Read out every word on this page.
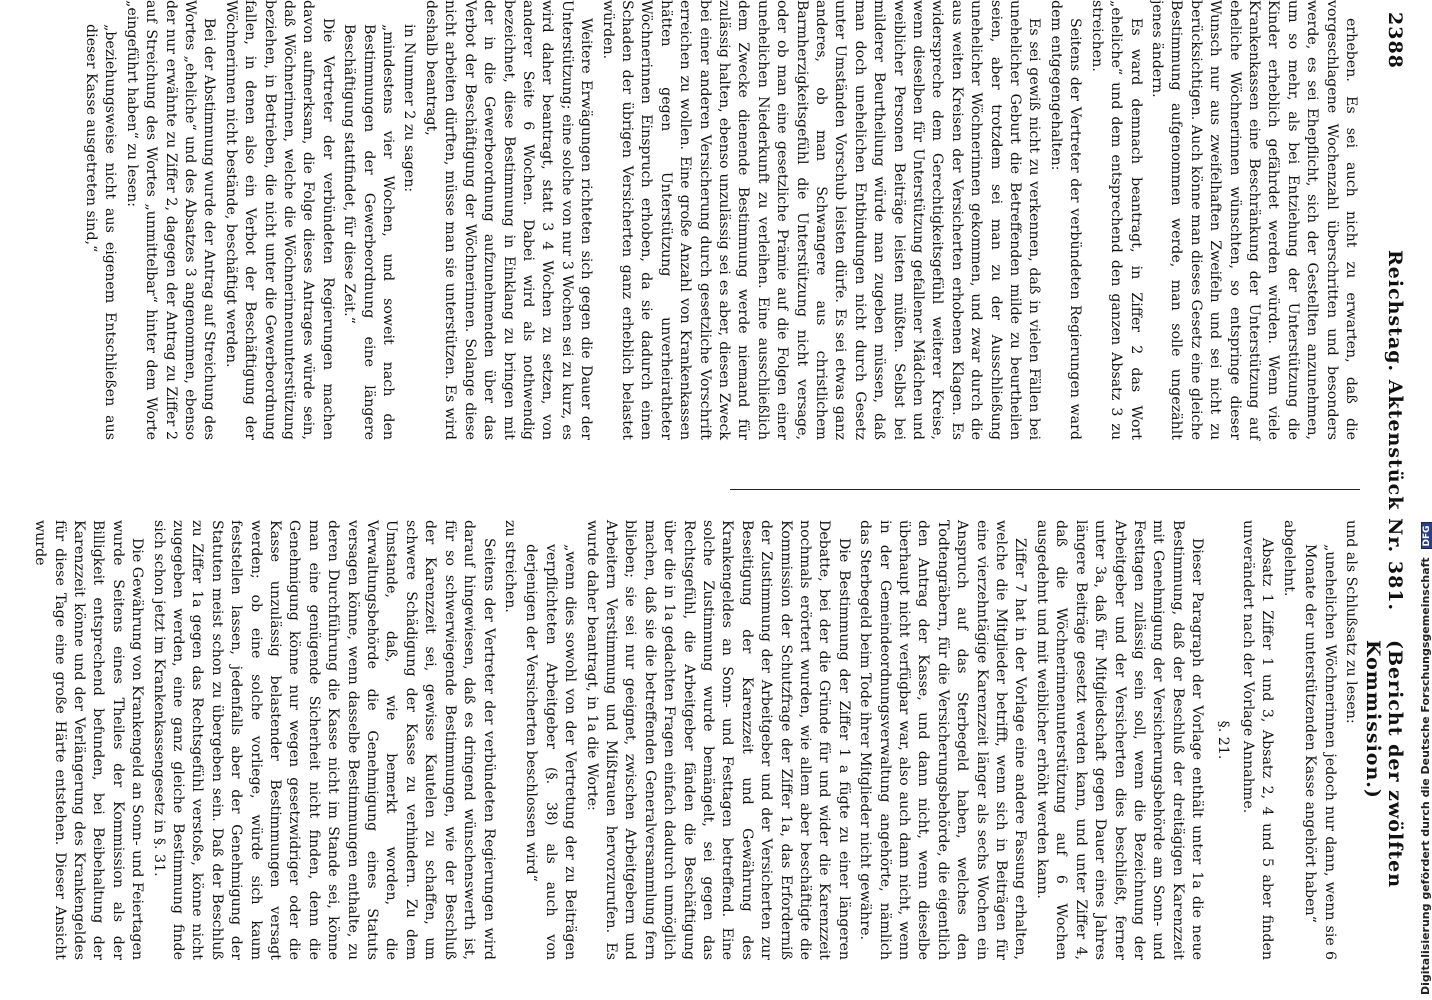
2388
Reichstag. Aktenstück Nr. 381.
(Bericht der zwölften Kommission.)

erheben. Es sei auch nicht zu erwarten, daß die vorgeschlagene Wochenzahl überschritten und besonders werde, es sei Ehepflicht, sich der Gestellten anzunehmen, um so mehr, als bei Entziehung der Unterstützung die Kinder erheblich gefährdet werden würden. Wenn viele Krankenkassen eine Beschränkung der Unterstützung auf eheliche Wöchnerinnen wünschten, so entspringe dieser Wunsch nur aus zweifelhaften Zweifeln und sei nicht zu berücksichtigen. Auch könne man dieses Gesetz eine gleiche Bestimmung aufgenommen werde, man solle ungezählt jenes ändern.

Es ward demnach beantragt, in Ziffer 2 das Wort „eheliche“ und dem entsprechend den ganzen Absatz 3 zu streichen.

Seitens der Vertreter der verbündeten Regierungen ward dem entgegengehalten:

Es sei gewiß nicht zu verkennen, daß in vielen Fällen bei unehelicher Geburt die Betreffenden milde zu beurtheilen seien, aber trotzdem sei man zu der Ausschließung unehelicher Wöchnerinnen gekommen, und zwar durch die aus weiten Kreisen der Versicherten erhobenen Klagen. Es widerspreche dem Gerechtigkeitsgefühl weiterer Kreise, wenn dieselben für Unterstützung gefallener Mädchen und weiblicher Personen Beiträge leisten müßten. Selbst bei milderer Beurtheilung würde man zugeben müssen, daß man doch unehelichen Entbindungen nicht durch Gesetz unter Umständen Vorschub leisten dürfe. Es sei etwas ganz anderes, ob man Schwangere aus christlichem Barmherzigkeitsgefühl die Unterstützung nicht versage, oder ob man eine gesetzliche Prämie auf die Folgen einer unehelichen Niederkunft zu verleihen. Eine ausschließlich dem Zwecke dienende Bestimmung werde niemand für zulässig halten, ebenso unzulässig sei es aber, diesen Zweck bei einer anderen Versicherung durch gesetzliche Vorschrift erreichen zu wollen. Eine große Anzahl von Krankenkassen hätten gegen Unterstützung unverheiratheter Wöchnerinnen Einspruch erhoben, da sie dadurch einen Schaden der übrigen Versicherten ganz erheblich belastet würden.

Weitere Erwägungen richteten sich gegen die Dauer der Unterstützung; eine solche von nur 3 Wochen sei zu kurz, es wird daher beantragt, statt 3 4 Wochen zu setzen, von anderer Seite 6 Wochen. Dabei wird als nothwendig bezeichnet, diese Bestimmung in Einklang zu bringen mit der in die Gewerbeordnung aufzunehmenden über das Verbot der Beschäftigung der Wöchnerinnen. Solange diese nicht arbeiten dürften, müsse man sie unterstützen. Es wird deshalb beantragt,

in Nummer 2 zu sagen:

„mindestens vier Wochen, und soweit nach den Bestimmungen der Gewerbeordnung eine längere Beschäftigung stattfindet, für diese Zeit.“

Die Vertreter der verbündeten Regierungen machen davon aufmerksam, die Folge dieses Antrages würde sein, daß Wöchnerinnen, welche die Wöchnerinnenunterstützung beziehen, in Betrieben, die nicht unter die Gewerbeordnung fallen, in denen also ein Verbot der Beschäftigung der Wöchnerinnen nicht bestände, beschäftigt werden.

Bei der Abstimmung wurde der Antrag auf Streichung des Wortes „eheliche“ und des Absatzes 3 angenommen, ebenso der nur erwähnte zu Ziffer 2, dagegen der Antrag zu Ziffer 2 auf Streichung des Wortes „unmittelbar“ hinter dem Worte „eingeführt haben“ zu lesen:

„beziehungsweise nicht aus eigenem Entschließen aus dieser Kasse ausgetreten sind,“

und als Schlußsatz zu lesen:

„unehelichen Wöchnerinnen jedoch nur dann, wenn sie 6 Monate der unterstützenden Kasse angehört haben“

abgelehnt.

Absatz 1 Ziffer 1 und 3, Absatz 2, 4 und 5 aber finden unverändert nach der Vorlage Annahme.

§. 21.

Dieser Paragraph der Vorlage enthält unter 1a die neue Bestimmung, daß der Beschluß der dreitägigen Karenzzeit mit Genehmigung der Versicherungsbehörde am Sonn- und Festtagen zulässig sein soll, wenn die Bezeichnung der Arbeitgeber und der Versicherten dies beschließt, ferner unter 3a, daß für Mitgliedschaft gegen Dauer eines Jahres längere Beiträge gesetzt werden kann, und unter Ziffer 4, daß die Wöchnerinnenunterstützung auf 6 Wochen ausgedehnt und mit weiblicher erhöht werden kann.

Ziffer 7 hat in der Vorlage eine andere Fassung erhalten, welche die Mitglieder betrifft, wenn sich in Beiträgen für eine vierzehntägige Karenzzeit länger als sechs Wochen ein Anspruch auf das Sterbegeld haben, welches den Todtengräbern, für die Versicherungsbehörde, die eigentlich den Antrag der Kasse, und dann nicht, wenn dieselbe überhaupt nicht verfügbar war, also auch dann nicht, wenn in der Gemeindeordnungsverwaltung angehörte, nämlich das Sterbegeld beim Tode ihrer Mitglieder nicht gewähre.

Die Bestimmung der Ziffer 1 a fügte zu einer längeren Debatte, bei der die Gründe für und wider die Karenzzeit nochmals erörtert wurden, wie allem aber beschäftigte die Kommission der Schutzfrage der Ziffer 1a, das Erforderniß der Zustimmung der Arbeitgeber und der Versicherten zur Beseitigung der Karenzzeit und Gewährung des Krankengeldes an Sonn- und Festtagen betreffend. Eine solche Zustimmung wurde bemängelt, sei gegen das Rechtsgefühl, die Arbeitgeber fänden die Beschäftigung über die in 1a gedachten Fragen einfach dadurch unmöglich machen, daß sie die betreffenden Generalversammlung fern blieben; sie sei nur geeignet, zwischen Arbeitgebern und Arbeitern Verstimmung und Mißtrauen hervorzurufen. Es wurde daher beantragt, in 1a die Worte:

„wenn dies sowohl von der Vertretung der zu Beiträgen verpflichteten Arbeitgeber (§. 38) als auch von derjenigen der Versicherten beschlossen wird“

zu streichen.

Seitens der Vertreter der verbündeten Regierungen wird darauf hingewiesen, daß es dringend wünschenswerth ist, für so schwerwiegende Bestimmungen, wie der Beschluß der Karenzzeit sei, gewisse Kautelen zu schaffen, um schwere Schädigung der Kasse zu verhindern. Zu dem Umstande, daß, wie bemerkt worden, die Verwaltungsbehörde die Genehmigung eines Statuts versagen könne, wenn dasselbe Bestimmungen enthalte, zu deren Durchführung die Kasse nicht im Stande sei, könne man eine genügende Sicherheit nicht finden, denn die Genehmigung könne nur wegen gesetzwidriger oder die Kasse unzulässig belastender Bestimmungen versagt werden; ob eine solche vorliege, würde sich kaum feststellen lassen, jedenfalls aber der Genehmigung der Statuten meist schon zu übergeben sein. Daß der Beschluß zu Ziffer 1a gegen das Rechtsgefühl verstoße, könne nicht zugegeben werden, eine ganz gleiche Bestimmung finde sich schon jetzt im Krankenkassengesetz in §. 31.

Die Gewährung von Krankengeld an Sonn- und Feiertagen wurde Seitens eines Theiles der Kommission als der Billigkeit entsprechend befunden, bei Beibehaltung der Karenzzeit könne und der Verlängerung des Krankengeldes für diese Tage eine große Härte entstehen. Dieser Ansicht wurde

Digitalisierung gefördert durch die Deutsche Forschungsgemeinschaft DFG
